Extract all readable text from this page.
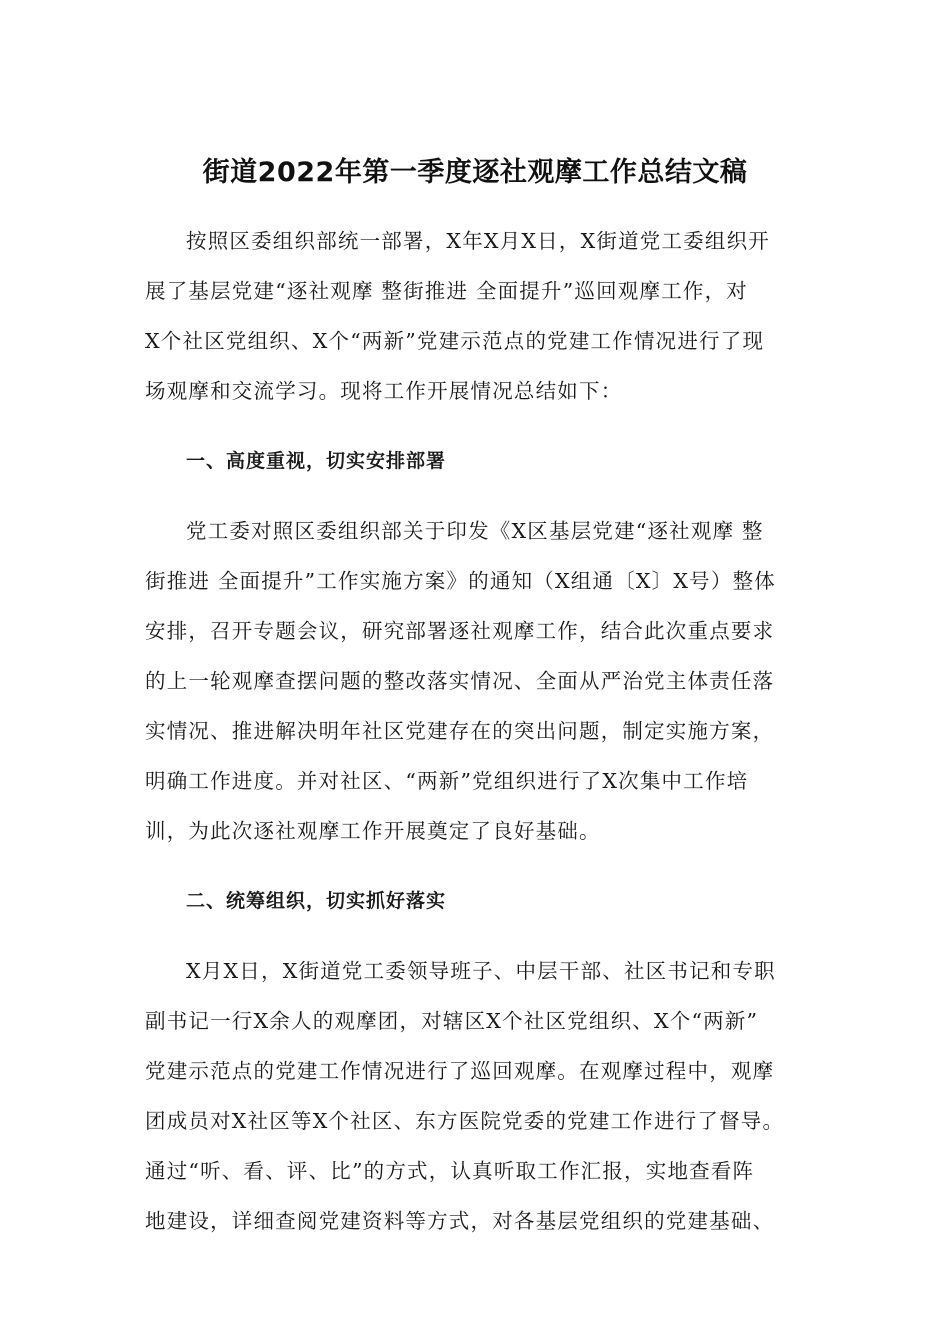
街道2022年第一季度逐社观摩工作总结文稿
按照区委组织部统一部署，X年X月X日，X街道党工委组织开
展了基层党建“逐社观摩 整街推进 全面提升”巡回观摩工作，对
X个社区党组织、X个“两新”党建示范点的党建工作情况进行了现
场观摩和交流学习。现将工作开展情况总结如下：
一、高度重视，切实安排部署
党工委对照区委组织部关于印发《X区基层党建“逐社观摩 整
街推进 全面提升”工作实施方案》的通知（X组通〔X〕X号）整体
安排，召开专题会议，研究部署逐社观摩工作，结合此次重点要求
的上一轮观摩查摆问题的整改落实情况、全面从严治党主体责任落
实情况、推进解决明年社区党建存在的突出问题，制定实施方案，
明确工作进度。并对社区、“两新”党组织进行了X次集中工作培
训，为此次逐社观摩工作开展奠定了良好基础。
二、统筹组织，切实抓好落实
X月X日，X街道党工委领导班子、中层干部、社区书记和专职
副书记一行X余人的观摩团，对辖区X个社区党组织、X个“两新”
党建示范点的党建工作情况进行了巡回观摩。在观摩过程中，观摩
团成员对X社区等X个社区、东方医院党委的党建工作进行了督导。
通过“听、看、评、比”的方式，认真听取工作汇报，实地查看阵
地建设，详细查阅党建资料等方式，对各基层党组织的党建基础、
